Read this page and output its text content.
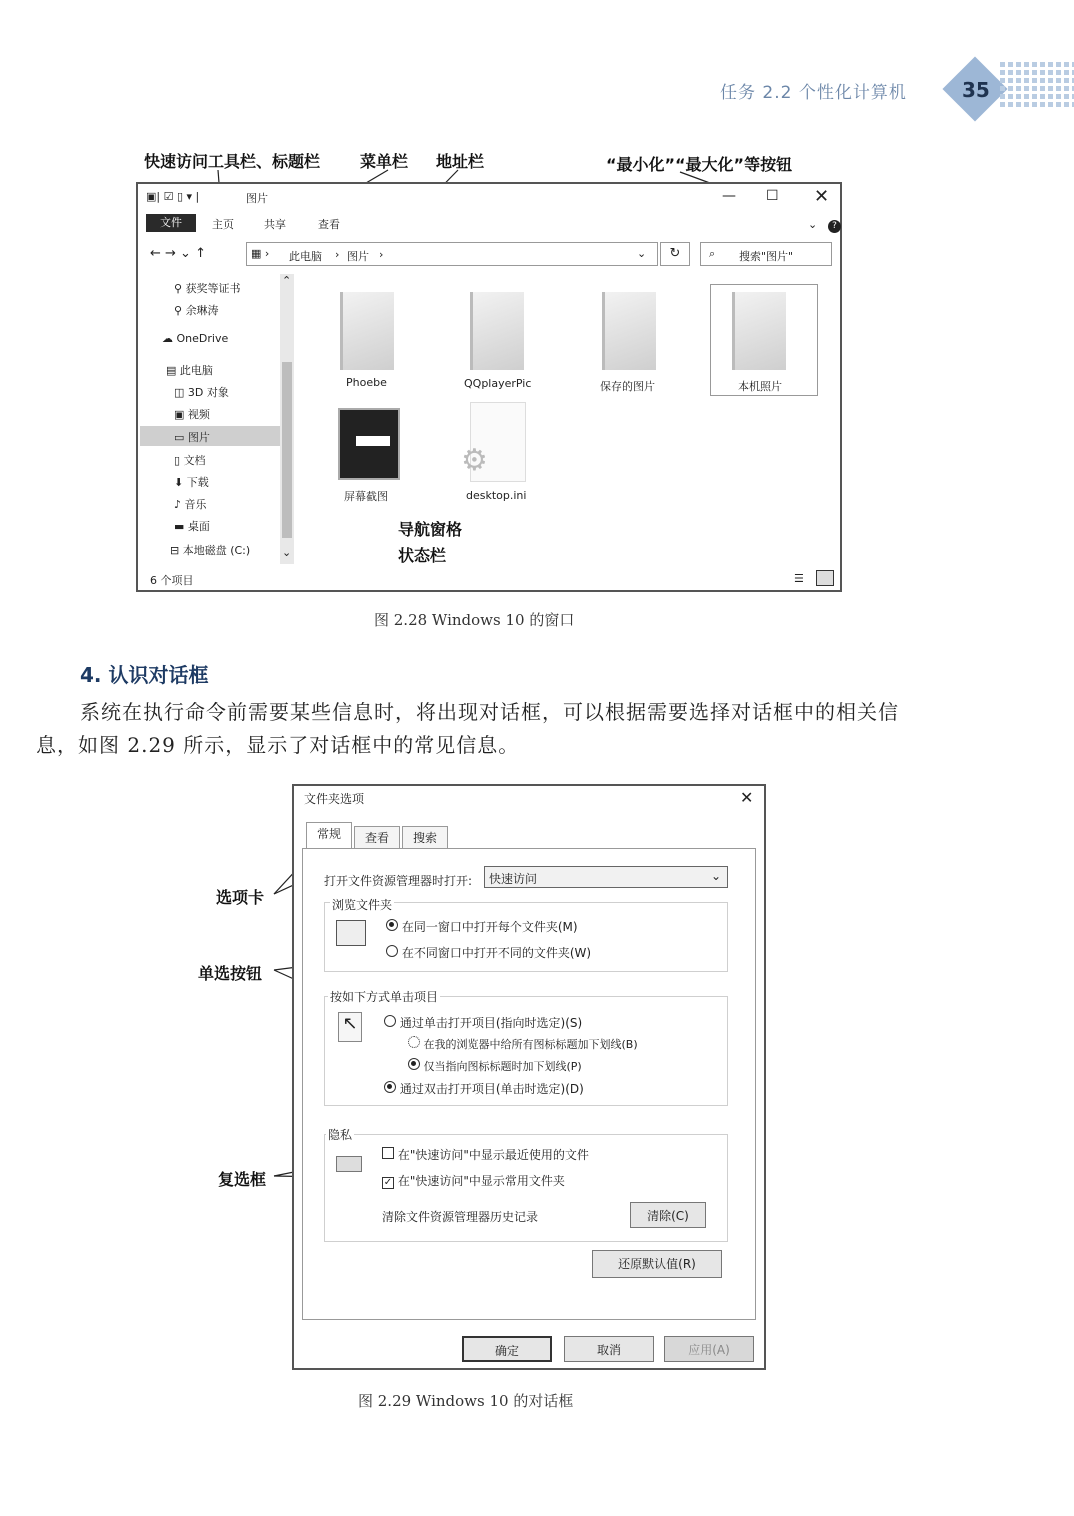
任务 2.2 个性化计算机	35
快速访问工具栏、标题栏 菜单栏 地址栏	“最小化”“最大化”等按钮
▣| ☑ ▯ ▾ |	图片	— ☐ ✕
文件	主页	共享	查看	⌄	?
← → ⌄ ↑	▦ › 此电脑 › 图片 ›	⌄	↻	⌕ 搜索"图片"
⚲ 获奖等证书
⚲ 余琳涛
☁ OneDrive
▤ 此电脑
◫ 3D 对象
▣ 视频
▭ 图片
▯ 文档
⬇ 下载
♪ 音乐
▬ 桌面
⊟ 本地磁盘 (C:)
⌃
⌄
Phoebe	QQplayerPic	保存的图片	本机照片
屏幕截图
⚙
desktop.ini
6 个项目	☰
导航窗格
状态栏
图 2.28 Windows 10 的窗口
4. 认识对话框
系统在执行命令前需要某些信息时，将出现对话框，可以根据需要选择对话框中的相关信
息，如图 2.29 所示，显示了对话框中的常见信息。
选项卡
单选按钮
复选框
文件夹选项	✕
常规	查看	搜索
打开文件资源管理器时打开: 快速访问	⌄
浏览文件夹
在同一窗口中打开每个文件夹(M)
在不同窗口中打开不同的文件夹(W)
按如下方式单击项目
↖	通过单击打开项目(指向时选定)(S)
在我的浏览器中给所有图标标题加下划线(B)
仅当指向图标标题时加下划线(P)
通过双击打开项目(单击时选定)(D)
隐私
在"快速访问"中显示最近使用的文件
✓ 在"快速访问"中显示常用文件夹
清除文件资源管理器历史记录	清除(C)
还原默认值(R)
确定	取消	应用(A)
图 2.29 Windows 10 的对话框
